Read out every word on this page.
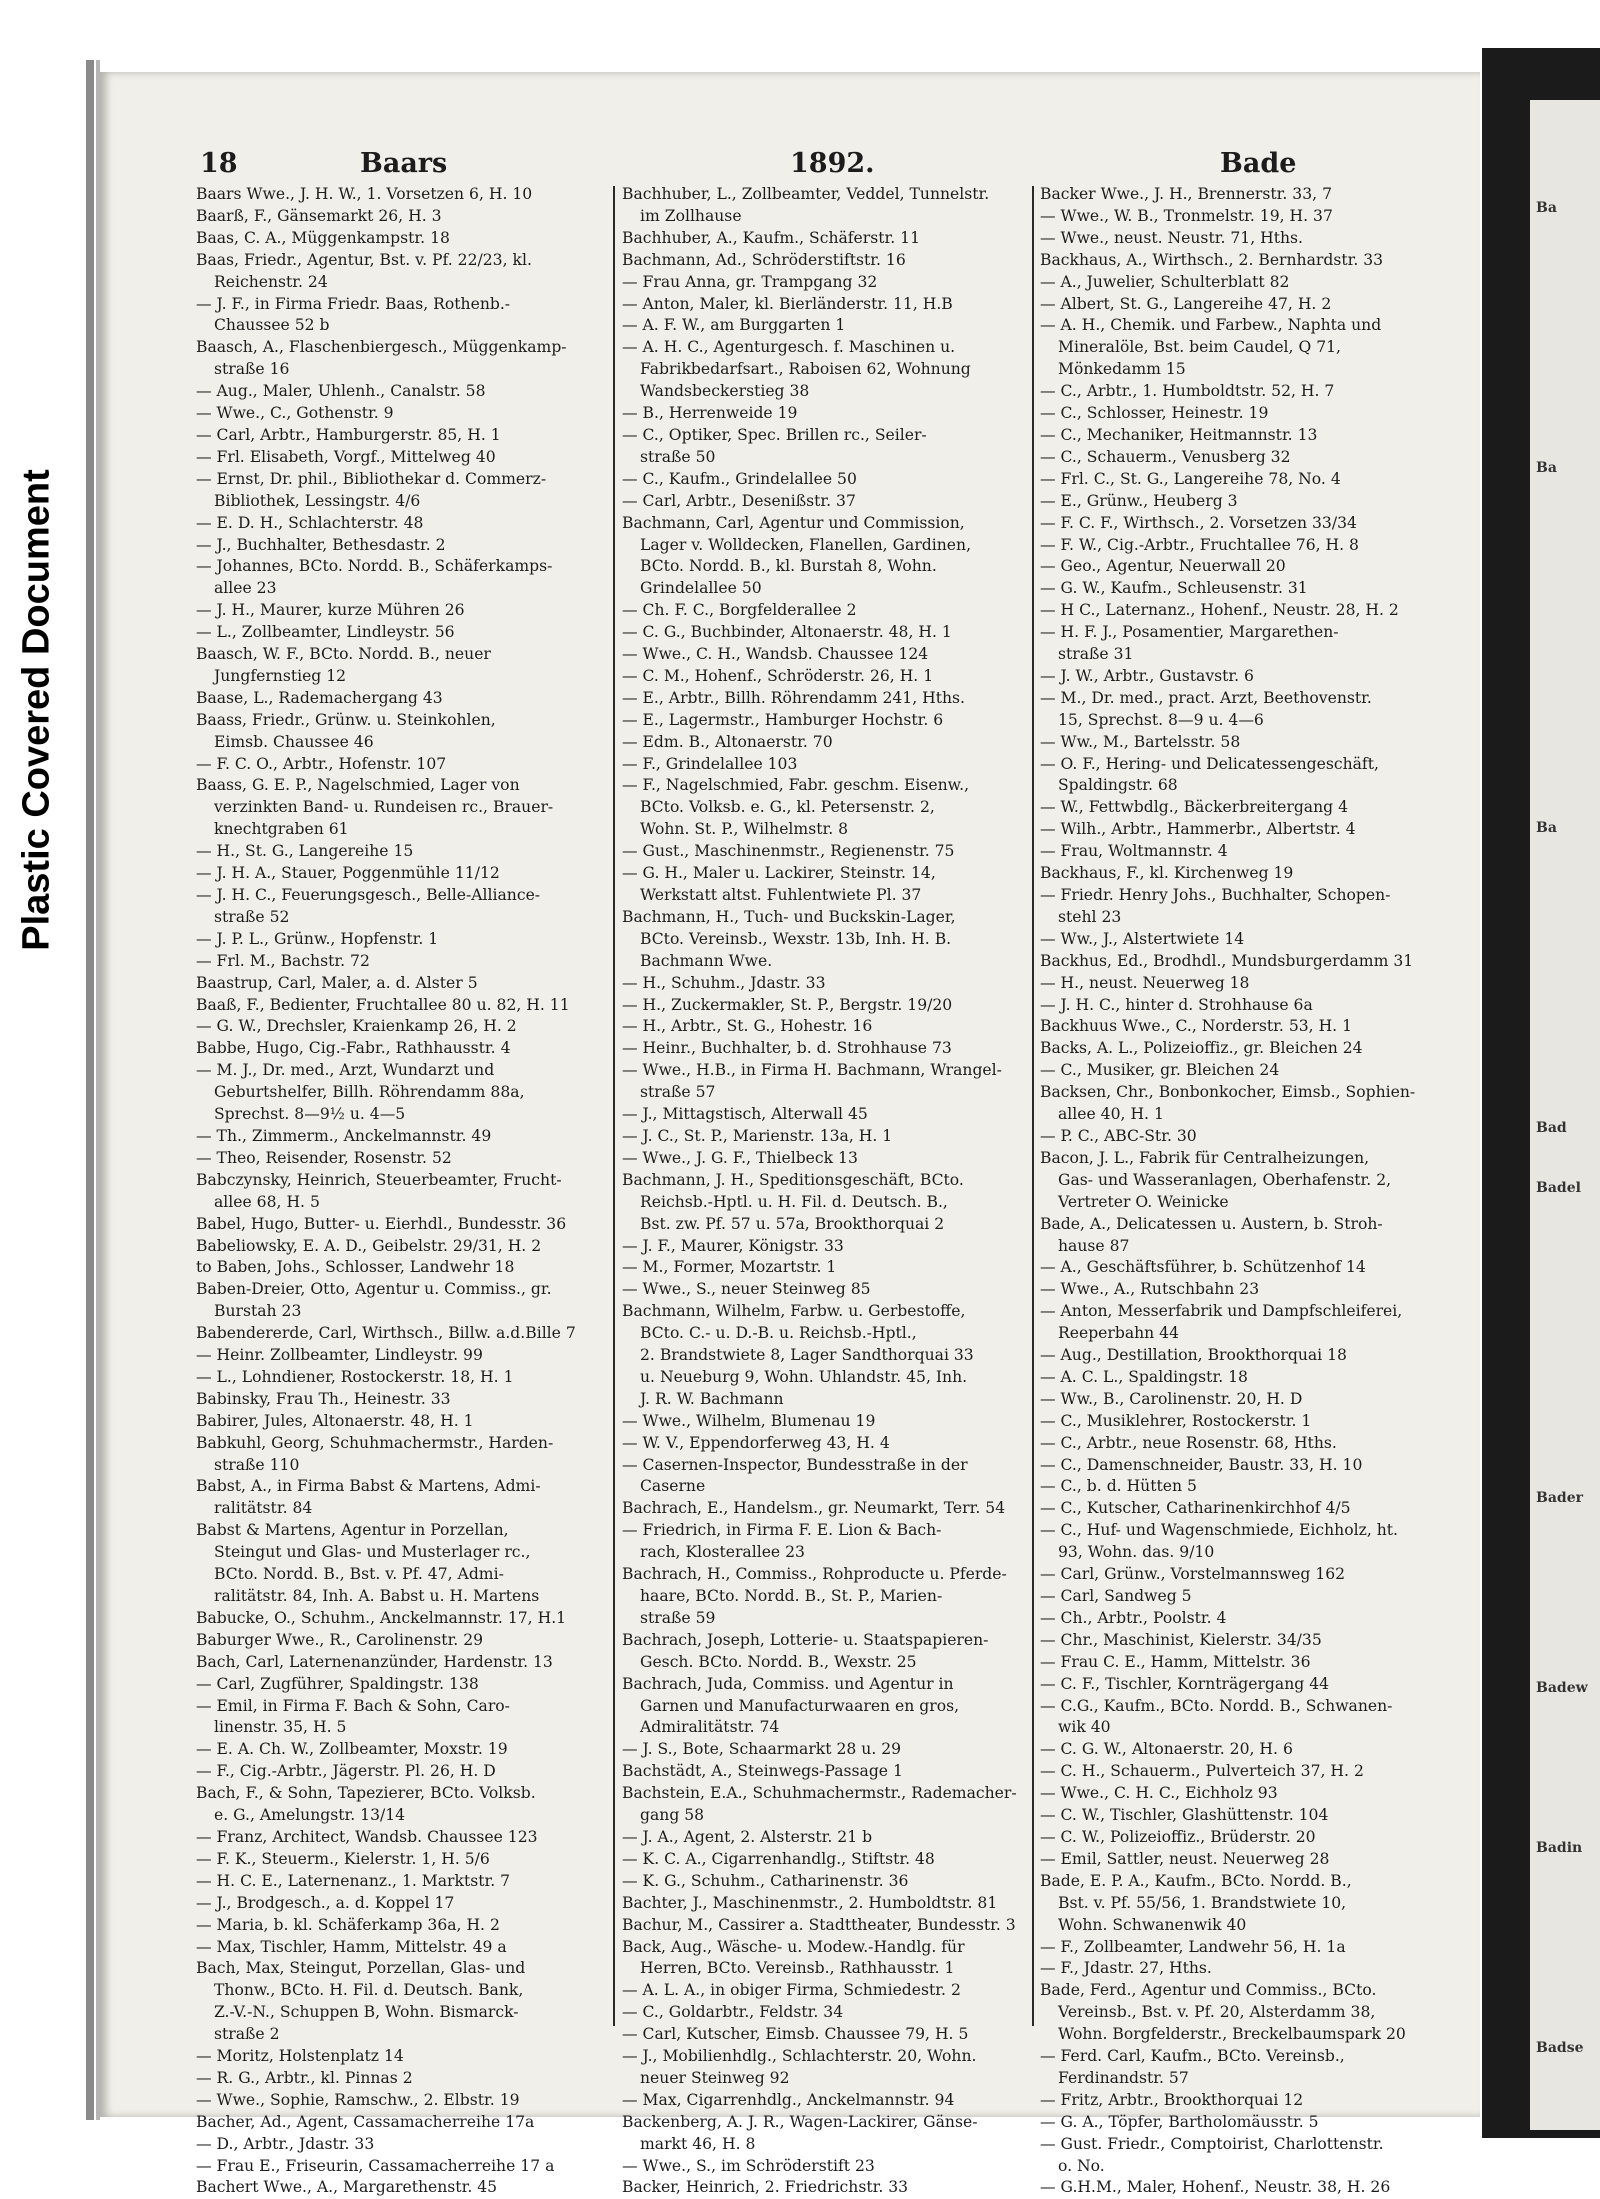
Ba
Ba
Ba
Bad
Badel
Bader
Badew
Badin
Badse
Plastic Covered Document
18	Baars	1892.	Bade

Baars Wwe., J. H. W., 1. Vorsetzen 6, H. 10

Baarß, F., Gänsemarkt 26, H. 3

Baas, C. A., Müggenkampstr. 18

Baas, Friedr., Agentur, Bst. v. Pf. 22/23, kl.

Reichenstr. 24

— J. F., in Firma Friedr. Baas, Rothenb.-

Chaussee 52 b

Baasch, A., Flaschenbiergesch., Müggenkamp-

straße 16

— Aug., Maler, Uhlenh., Canalstr. 58

— Wwe., C., Gothenstr. 9

— Carl, Arbtr., Hamburgerstr. 85, H. 1

— Frl. Elisabeth, Vorgf., Mittelweg 40

— Ernst, Dr. phil., Bibliothekar d. Commerz-

Bibliothek, Lessingstr. 4/6

— E. D. H., Schlachterstr. 48

— J., Buchhalter, Bethesdastr. 2

— Johannes, BCto. Nordd. B., Schäferkamps-

allee 23

— J. H., Maurer, kurze Mühren 26

— L., Zollbeamter, Lindleystr. 56

Baasch, W. F., BCto. Nordd. B., neuer

Jungfernstieg 12

Baase, L., Rademachergang 43

Baass, Friedr., Grünw. u. Steinkohlen,

Eimsb. Chaussee 46

— F. C. O., Arbtr., Hofenstr. 107

Baass, G. E. P., Nagelschmied, Lager von

verzinkten Band- u. Rundeisen rc., Brauer-

knechtgraben 61

— H., St. G., Langereihe 15

— J. H. A., Stauer, Poggenmühle 11/12

— J. H. C., Feuerungsgesch., Belle-Alliance-

straße 52

— J. P. L., Grünw., Hopfenstr. 1

— Frl. M., Bachstr. 72

Baastrup, Carl, Maler, a. d. Alster 5

Baaß, F., Bedienter, Fruchtallee 80 u. 82, H. 11

— G. W., Drechsler, Kraienkamp 26, H. 2

Babbe, Hugo, Cig.-Fabr., Rathhausstr. 4

— M. J., Dr. med., Arzt, Wundarzt und

Geburtshelfer, Billh. Röhrendamm 88a,

Sprechst. 8—9½ u. 4—5

— Th., Zimmerm., Anckelmannstr. 49

— Theo, Reisender, Rosenstr. 52

Babczynsky, Heinrich, Steuerbeamter, Frucht-

allee 68, H. 5

Babel, Hugo, Butter- u. Eierhdl., Bundesstr. 36

Babeliowsky, E. A. D., Geibelstr. 29/31, H. 2

to Baben, Johs., Schlosser, Landwehr 18

Baben-Dreier, Otto, Agentur u. Commiss., gr.

Burstah 23

Babendererde, Carl, Wirthsch., Billw. a.d.Bille 7

— Heinr. Zollbeamter, Lindleystr. 99

— L., Lohndiener, Rostockerstr. 18, H. 1

Babinsky, Frau Th., Heinestr. 33

Babirer, Jules, Altonaerstr. 48, H. 1

Babkuhl, Georg, Schuhmachermstr., Harden-

straße 110

Babst, A., in Firma Babst & Martens, Admi-

ralitätstr. 84

Babst & Martens, Agentur in Porzellan,

Steingut und Glas- und Musterlager rc.,

BCto. Nordd. B., Bst. v. Pf. 47, Admi-

ralitätstr. 84, Inh. A. Babst u. H. Martens

Babucke, O., Schuhm., Anckelmannstr. 17, H.1

Baburger Wwe., R., Carolinenstr. 29

Bach, Carl, Laternenanzünder, Hardenstr. 13

— Carl, Zugführer, Spaldingstr. 138

— Emil, in Firma F. Bach & Sohn, Caro-

linenstr. 35, H. 5

— E. A. Ch. W., Zollbeamter, Moxstr. 19

— F., Cig.-Arbtr., Jägerstr. Pl. 26, H. D

Bach, F., & Sohn, Tapezierer, BCto. Volksb.

e. G., Amelungstr. 13/14

— Franz, Architect, Wandsb. Chaussee 123

— F. K., Steuerm., Kielerstr. 1, H. 5/6

— H. C. E., Laternenanz., 1. Marktstr. 7

— J., Brodgesch., a. d. Koppel 17

— Maria, b. kl. Schäferkamp 36a, H. 2

— Max, Tischler, Hamm, Mittelstr. 49 a

Bach, Max, Steingut, Porzellan, Glas- und

Thonw., BCto. H. Fil. d. Deutsch. Bank,

Z.-V.-N., Schuppen B, Wohn. Bismarck-

straße 2

— Moritz, Holstenplatz 14

— R. G., Arbtr., kl. Pinnas 2

— Wwe., Sophie, Ramschw., 2. Elbstr. 19

Bacher, Ad., Agent, Cassamacherreihe 17a

— D., Arbtr., Jdastr. 33

— Frau E., Friseurin, Cassamacherreihe 17 a

Bachert Wwe., A., Margarethenstr. 45

Bachhuber, L., Zollbeamter, Veddel, Tunnelstr.

im Zollhause

Bachhuber, A., Kaufm., Schäferstr. 11

Bachmann, Ad., Schröderstiftstr. 16

— Frau Anna, gr. Trampgang 32

— Anton, Maler, kl. Bierländerstr. 11, H.B

— A. F. W., am Burggarten 1

— A. H. C., Agenturgesch. f. Maschinen u.

Fabrikbedarfsart., Raboisen 62, Wohnung

Wandsbeckerstieg 38

— B., Herrenweide 19

— C., Optiker, Spec. Brillen rc., Seiler-

straße 50

— C., Kaufm., Grindelallee 50

— Carl, Arbtr., Desenißstr. 37

Bachmann, Carl, Agentur und Commission,

Lager v. Wolldecken, Flanellen, Gardinen,

BCto. Nordd. B., kl. Burstah 8, Wohn.

Grindelallee 50

— Ch. F. C., Borgfelderallee 2

— C. G., Buchbinder, Altonaerstr. 48, H. 1

— Wwe., C. H., Wandsb. Chaussee 124

— C. M., Hohenf., Schröderstr. 26, H. 1

— E., Arbtr., Billh. Röhrendamm 241, Hths.

— E., Lagermstr., Hamburger Hochstr. 6

— Edm. B., Altonaerstr. 70

— F., Grindelallee 103

— F., Nagelschmied, Fabr. geschm. Eisenw.,

BCto. Volksb. e. G., kl. Petersenstr. 2,

Wohn. St. P., Wilhelmstr. 8

— Gust., Maschinenmstr., Regienenstr. 75

— G. H., Maler u. Lackirer, Steinstr. 14,

Werkstatt altst. Fuhlentwiete Pl. 37

Bachmann, H., Tuch- und Buckskin-Lager,

BCto. Vereinsb., Wexstr. 13b, Inh. H. B.

Bachmann Wwe.

— H., Schuhm., Jdastr. 33

— H., Zuckermakler, St. P., Bergstr. 19/20

— H., Arbtr., St. G., Hohestr. 16

— Heinr., Buchhalter, b. d. Strohhause 73

— Wwe., H.B., in Firma H. Bachmann, Wrangel-

straße 57

— J., Mittagstisch, Alterwall 45

— J. C., St. P., Marienstr. 13a, H. 1

— Wwe., J. G. F., Thielbeck 13

Bachmann, J. H., Speditionsgeschäft, BCto.

Reichsb.-Hptl. u. H. Fil. d. Deutsch. B.,

Bst. zw. Pf. 57 u. 57a, Brookthorquai 2

— J. F., Maurer, Königstr. 33

— M., Former, Mozartstr. 1

— Wwe., S., neuer Steinweg 85

Bachmann, Wilhelm, Farbw. u. Gerbestoffe,

BCto. C.- u. D.-B. u. Reichsb.-Hptl.,

2. Brandstwiete 8, Lager Sandthorquai 33

u. Neueburg 9, Wohn. Uhlandstr. 45, Inh.

J. R. W. Bachmann

— Wwe., Wilhelm, Blumenau 19

— W. V., Eppendorferweg 43, H. 4

— Casernen-Inspector, Bundesstraße in der

Caserne

Bachrach, E., Handelsm., gr. Neumarkt, Terr. 54

— Friedrich, in Firma F. E. Lion & Bach-

rach, Klosterallee 23

Bachrach, H., Commiss., Rohproducte u. Pferde-

haare, BCto. Nordd. B., St. P., Marien-

straße 59

Bachrach, Joseph, Lotterie- u. Staatspapieren-

Gesch. BCto. Nordd. B., Wexstr. 25

Bachrach, Juda, Commiss. und Agentur in

Garnen und Manufacturwaaren en gros,

Admiralitätstr. 74

— J. S., Bote, Schaarmarkt 28 u. 29

Bachstädt, A., Steinwegs-Passage 1

Bachstein, E.A., Schuhmachermstr., Rademacher-

gang 58

— J. A., Agent, 2. Alsterstr. 21 b

— K. C. A., Cigarrenhandlg., Stiftstr. 48

— K. G., Schuhm., Catharinenstr. 36

Bachter, J., Maschinenmstr., 2. Humboldtstr. 81

Bachur, M., Cassirer a. Stadttheater, Bundesstr. 3

Back, Aug., Wäsche- u. Modew.-Handlg. für

Herren, BCto. Vereinsb., Rathhausstr. 1

— A. L. A., in obiger Firma, Schmiedestr. 2

— C., Goldarbtr., Feldstr. 34

— Carl, Kutscher, Eimsb. Chaussee 79, H. 5

— J., Mobilienhdlg., Schlachterstr. 20, Wohn.

neuer Steinweg 92

— Max, Cigarrenhdlg., Anckelmannstr. 94

Backenberg, A. J. R., Wagen-Lackirer, Gänse-

markt 46, H. 8

— Wwe., S., im Schröderstift 23

Backer, Heinrich, 2. Friedrichstr. 33

Backer Wwe., J. H., Brennerstr. 33, 7

— Wwe., W. B., Tronmelstr. 19, H. 37

— Wwe., neust. Neustr. 71, Hths.

Backhaus, A., Wirthsch., 2. Bernhardstr. 33

— A., Juwelier, Schulterblatt 82

— Albert, St. G., Langereihe 47, H. 2

— A. H., Chemik. und Farbew., Naphta und

Mineralöle, Bst. beim Caudel, Q 71,

Mönkedamm 15

— C., Arbtr., 1. Humboldtstr. 52, H. 7

— C., Schlosser, Heinestr. 19

— C., Mechaniker, Heitmannstr. 13

— C., Schauerm., Venusberg 32

— Frl. C., St. G., Langereihe 78, No. 4

— E., Grünw., Heuberg 3

— F. C. F., Wirthsch., 2. Vorsetzen 33/34

— F. W., Cig.-Arbtr., Fruchtallee 76, H. 8

— Geo., Agentur, Neuerwall 20

— G. W., Kaufm., Schleusenstr. 31

— H C., Laternanz., Hohenf., Neustr. 28, H. 2

— H. F. J., Posamentier, Margarethen-

straße 31

— J. W., Arbtr., Gustavstr. 6

— M., Dr. med., pract. Arzt, Beethovenstr.

15, Sprechst. 8—9 u. 4—6

— Ww., M., Bartelsstr. 58

— O. F., Hering- und Delicatessengeschäft,

Spaldingstr. 68

— W., Fettwbdlg., Bäckerbreitergang 4

— Wilh., Arbtr., Hammerbr., Albertstr. 4

— Frau, Woltmannstr. 4

Backhaus, F., kl. Kirchenweg 19

— Friedr. Henry Johs., Buchhalter, Schopen-

stehl 23

— Ww., J., Alstertwiete 14

Backhus, Ed., Brodhdl., Mundsburgerdamm 31

— H., neust. Neuerweg 18

— J. H. C., hinter d. Strohhause 6a

Backhuus Wwe., C., Norderstr. 53, H. 1

Backs, A. L., Polizeioffiz., gr. Bleichen 24

— C., Musiker, gr. Bleichen 24

Backsen, Chr., Bonbonkocher, Eimsb., Sophien-

allee 40, H. 1

— P. C., ABC-Str. 30

Bacon, J. L., Fabrik für Centralheizungen,

Gas- und Wasseranlagen, Oberhafenstr. 2,

Vertreter O. Weinicke

Bade, A., Delicatessen u. Austern, b. Stroh-

hause 87

— A., Geschäftsführer, b. Schützenhof 14

— Wwe., A., Rutschbahn 23

— Anton, Messerfabrik und Dampfschleiferei,

Reeperbahn 44

— Aug., Destillation, Brookthorquai 18

— A. C. L., Spaldingstr. 18

— Ww., B., Carolinenstr. 20, H. D

— C., Musiklehrer, Rostockerstr. 1

— C., Arbtr., neue Rosenstr. 68, Hths.

— C., Damenschneider, Baustr. 33, H. 10

— C., b. d. Hütten 5

— C., Kutscher, Catharinenkirchhof 4/5

— C., Huf- und Wagenschmiede, Eichholz, ht.

93, Wohn. das. 9/10

— Carl, Grünw., Vorstelmannsweg 162

— Carl, Sandweg 5

— Ch., Arbtr., Poolstr. 4

— Chr., Maschinist, Kielerstr. 34/35

— Frau C. E., Hamm, Mittelstr. 36

— C. F., Tischler, Kornträgergang 44

— C.G., Kaufm., BCto. Nordd. B., Schwanen-

wik 40

— C. G. W., Altonaerstr. 20, H. 6

— C. H., Schauerm., Pulverteich 37, H. 2

— Wwe., C. H. C., Eichholz 93

— C. W., Tischler, Glashüttenstr. 104

— C. W., Polizeioffiz., Brüderstr. 20

— Emil, Sattler, neust. Neuerweg 28

Bade, E. P. A., Kaufm., BCto. Nordd. B.,

Bst. v. Pf. 55/56, 1. Brandstwiete 10,

Wohn. Schwanenwik 40

— F., Zollbeamter, Landwehr 56, H. 1a

— F., Jdastr. 27, Hths.

Bade, Ferd., Agentur und Commiss., BCto.

Vereinsb., Bst. v. Pf. 20, Alsterdamm 38,

Wohn. Borgfelderstr., Breckelbaumspark 20

— Ferd. Carl, Kaufm., BCto. Vereinsb.,

Ferdinandstr. 57

— Fritz, Arbtr., Brookthorquai 12

— G. A., Töpfer, Bartholomäusstr. 5

— Gust. Friedr., Comptoirist, Charlottenstr.

o. No.

— G.H.M., Maler, Hohenf., Neustr. 38, H. 26
